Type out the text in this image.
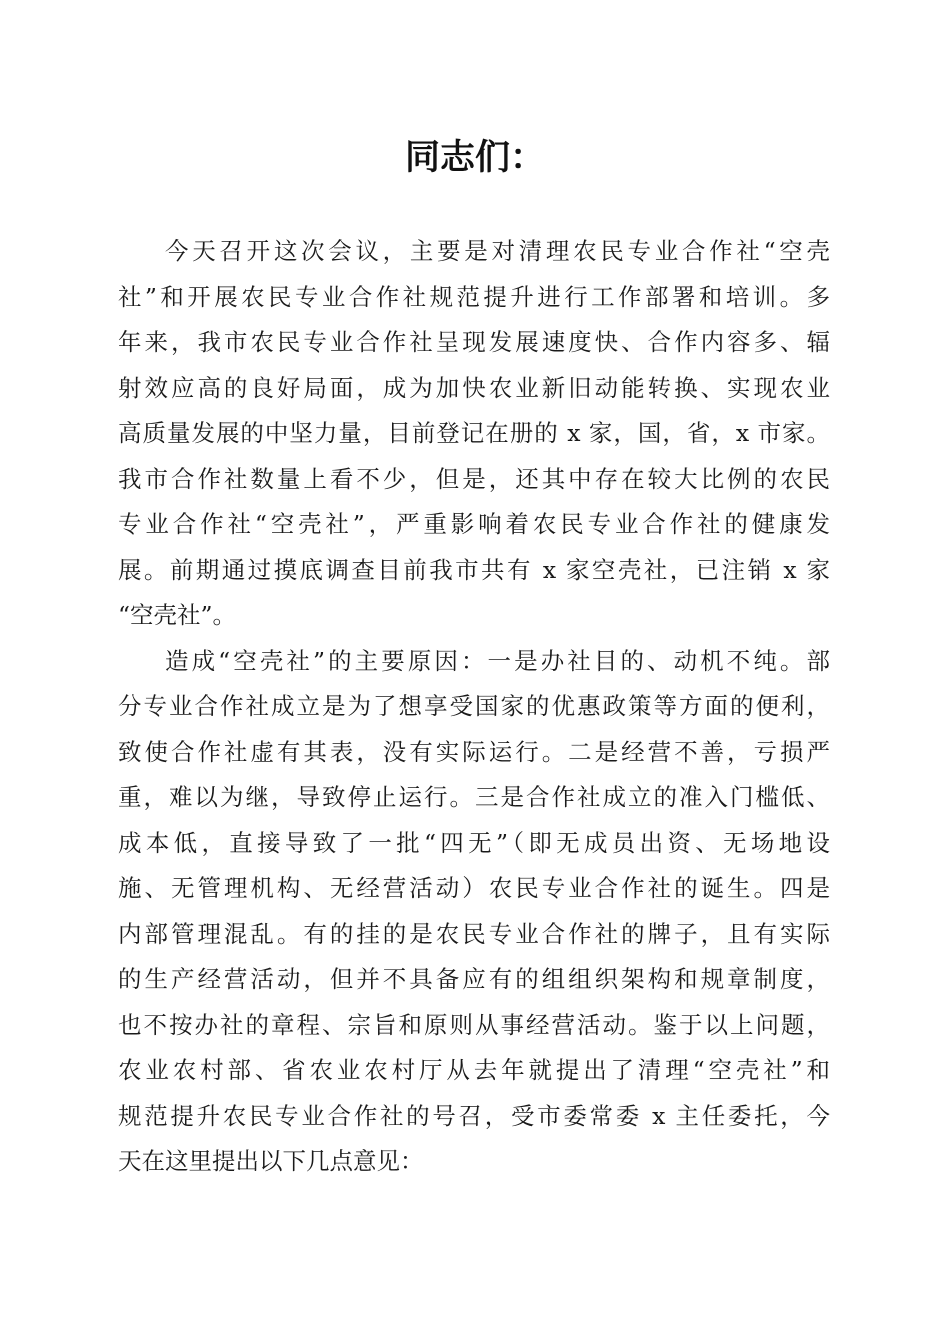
同志们：
今天召开这次会议，主要是对清理农民专业合作社“空壳
社”和开展农民专业合作社规范提升进行工作部署和培训。多
年来，我市农民专业合作社呈现发展速度快、合作内容多、辐
射效应高的良好局面，成为加快农业新旧动能转换、实现农业
高质量发展的中坚力量，目前登记在册的 x 家，国，省，x 市家。
我市合作社数量上看不少，但是，还其中存在较大比例的农民
专业合作社“空壳社”，严重影响着农民专业合作社的健康发
展。前期通过摸底调查目前我市共有 x 家空壳社，已注销 x 家
“空壳社”。
造成“空壳社”的主要原因：一是办社目的、动机不纯。部
分专业合作社成立是为了想享受国家的优惠政策等方面的便利，
致使合作社虚有其表，没有实际运行。二是经营不善，亏损严
重，难以为继，导致停止运行。三是合作社成立的准入门槛低、
成本低，直接导致了一批“四无”（即无成员出资、无场地设
施、无管理机构、无经营活动）农民专业合作社的诞生。四是
内部管理混乱。有的挂的是农民专业合作社的牌子，且有实际
的生产经营活动，但并不具备应有的组组织架构和规章制度，
也不按办社的章程、宗旨和原则从事经营活动。鉴于以上问题，
农业农村部、省农业农村厅从去年就提出了清理“空壳社”和
规范提升农民专业合作社的号召，受市委常委 x 主任委托，今
天在这里提出以下几点意见：
